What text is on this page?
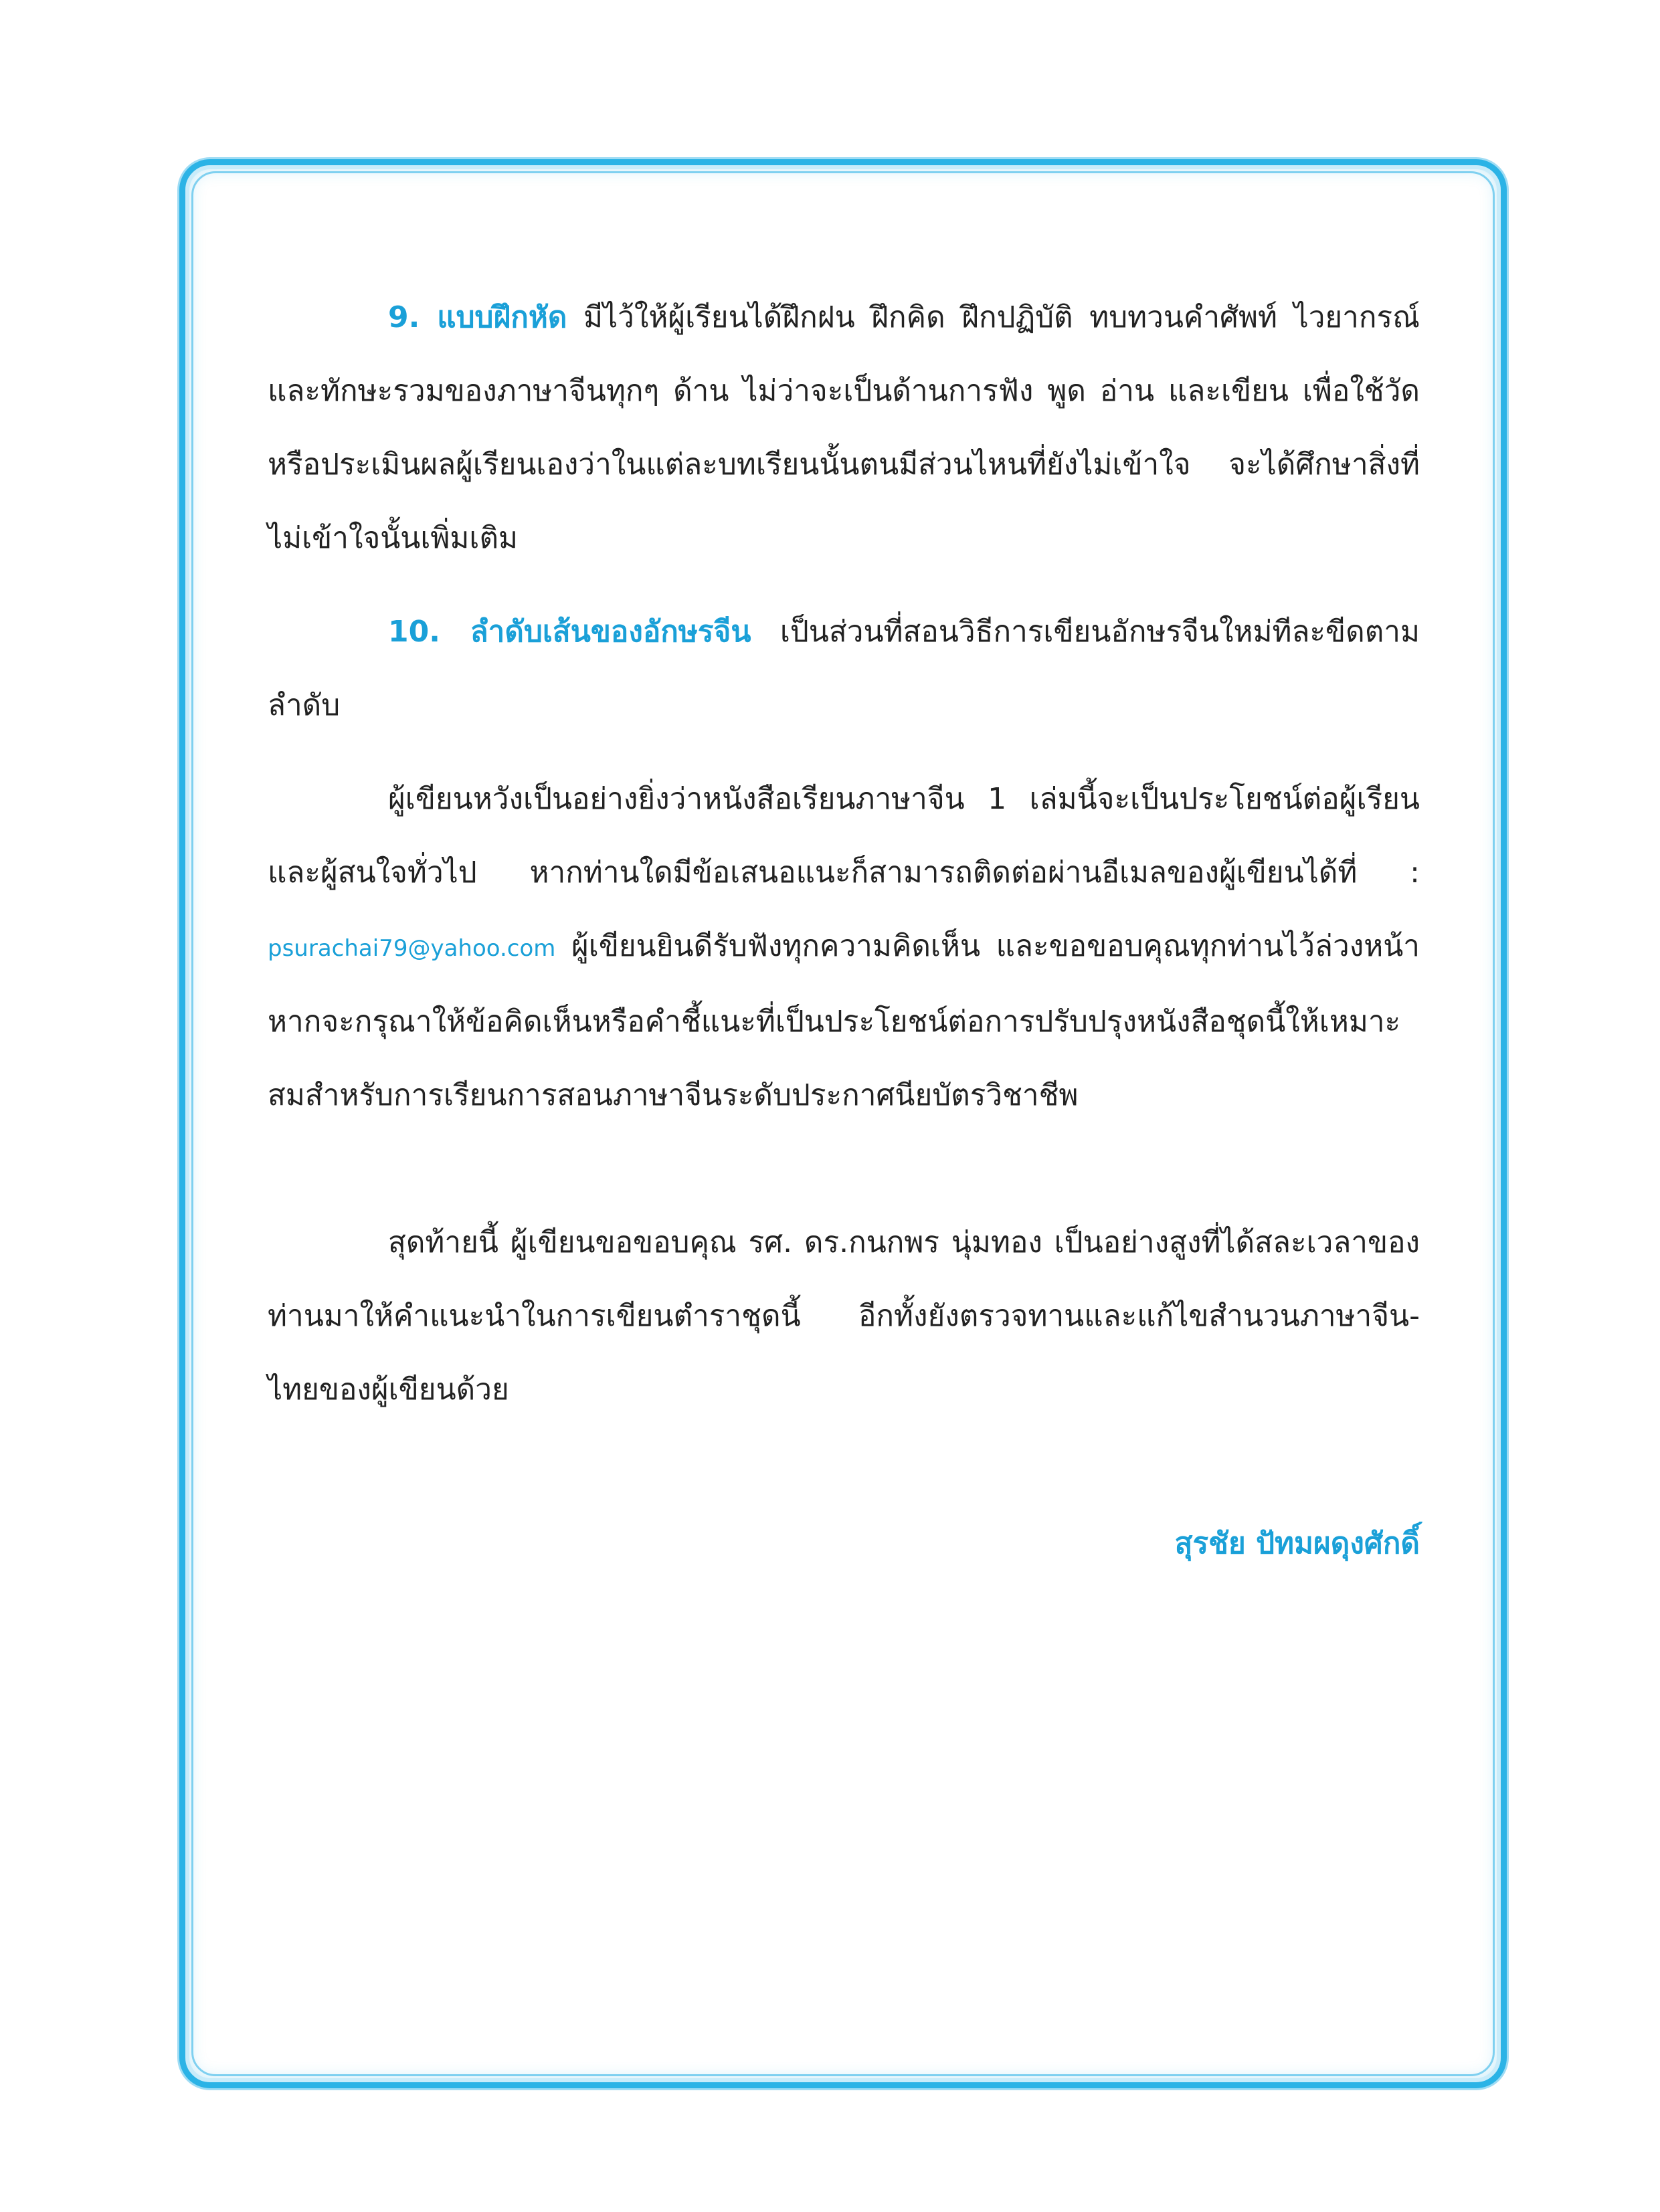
9. แบบฝึกหัด มีไว้ให้ผู้เรียนได้ฝึกฝน ฝึกคิด ฝึกปฏิบัติ ทบทวนคำศัพท์ ไวยากรณ์ และทักษะรวมของภาษาจีนทุกๆ ด้าน ไม่ว่าจะเป็นด้านการฟัง พูด อ่าน และเขียน เพื่อใช้วัดหรือประเมินผลผู้เรียนเองว่าในแต่ละบทเรียนนั้นตนมีส่วนไหนที่ยังไม่เข้าใจ จะได้ศึกษาสิ่งที่ไม่เข้าใจนั้นเพิ่มเติม

10. ลำดับเส้นของอักษรจีน เป็นส่วนที่สอนวิธีการเขียนอักษรจีนใหม่ทีละขีดตามลำดับ

ผู้เขียนหวังเป็นอย่างยิ่งว่าหนังสือเรียนภาษาจีน 1 เล่มนี้จะเป็นประโยชน์ต่อผู้เรียนและผู้สนใจทั่วไป หากท่านใดมีข้อเสนอแนะก็สามารถติดต่อผ่านอีเมลของผู้เขียนได้ที่ : psurachai79@yahoo.com ผู้เขียนยินดีรับฟังทุกความคิดเห็น และขอขอบคุณทุกท่านไว้ล่วงหน้า หากจะกรุณาให้ข้อคิดเห็นหรือคำชี้แนะที่เป็นประโยชน์ต่อการปรับปรุงหนังสือชุดนี้ให้เหมาะสมสำหรับการเรียนการสอนภาษาจีนระดับประกาศนียบัตรวิชาชีพ

สุดท้ายนี้ ผู้เขียนขอขอบคุณ รศ. ดร.กนกพร นุ่มทอง เป็นอย่างสูงที่ได้สละเวลาของท่านมาให้คำแนะนำในการเขียนตำราชุดนี้ อีกทั้งยังตรวจทานและแก้ไขสำนวนภาษาจีน-ไทยของผู้เขียนด้วย

สุรชัย ปัทมผดุงศักดิ์
